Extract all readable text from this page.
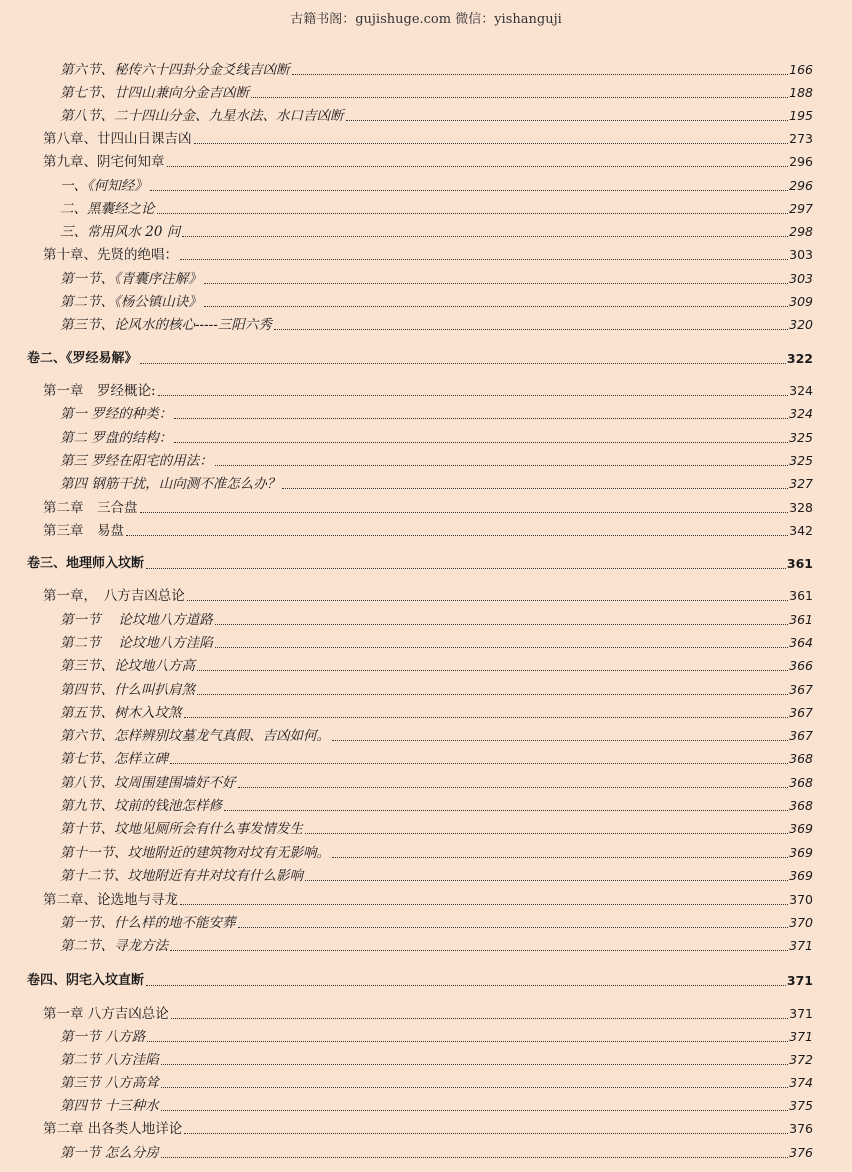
古籍书阁：gujishuge.com 微信：yishanguji
第六节、秘传六十四卦分金爻线吉凶断	166
第七节、廿四山兼向分金吉凶断	188
第八节、二十四山分金、九星水法、水口吉凶断	195
第八章、廿四山日课吉凶	273
第九章、阴宅何知章	296
一、《何知经》	296
二、黑囊经之论	297
三、常用风水 20 问	298
第十章、先贤的绝唱：	303
第一节、《青囊序注解》	303
第二节、《杨公镇山诀》	309
第三节、论风水的核心-----三阳六秀	320
卷二、《罗经易解》	322
第一章　罗经概论:	324
第一 罗经的种类：	324
第二 罗盘的结构：	325
第三 罗经在阳宅的用法：	325
第四 钢筋干扰，山向测不准怎么办？	327
第二章　三合盘	328
第三章　易盘	342
卷三、地理师入坟断	361
第一章，　八方吉凶总论	361
第一节　 论坟地八方道路	361
第二节　 论坟地八方洼陷	364
第三节、论坟地八方高	366
第四节、什么叫扒肩煞	367
第五节、树木入坟煞	367
第六节、怎样辨别坟墓龙气真假、吉凶如何。	367
第七节、怎样立碑	368
第八节、坟周围建围墙好不好	368
第九节、坟前的钱池怎样修	368
第十节、坟地见厕所会有什么事发情发生	369
第十一节、坟地附近的建筑物对坟有无影响。	369
第十二节、坟地附近有井对坟有什么影响	369
第二章、论选地与寻龙	370
第一节、什么样的地不能安葬	370
第二节、寻龙方法	371
卷四、阴宅入坟直断	371
第一章 八方吉凶总论	371
第一节 八方路	371
第二节 八方洼陷	372
第三节 八方高耸	374
第四节 十三种水	375
第二章 出各类人地详论	376
第一节 怎么分房	376
